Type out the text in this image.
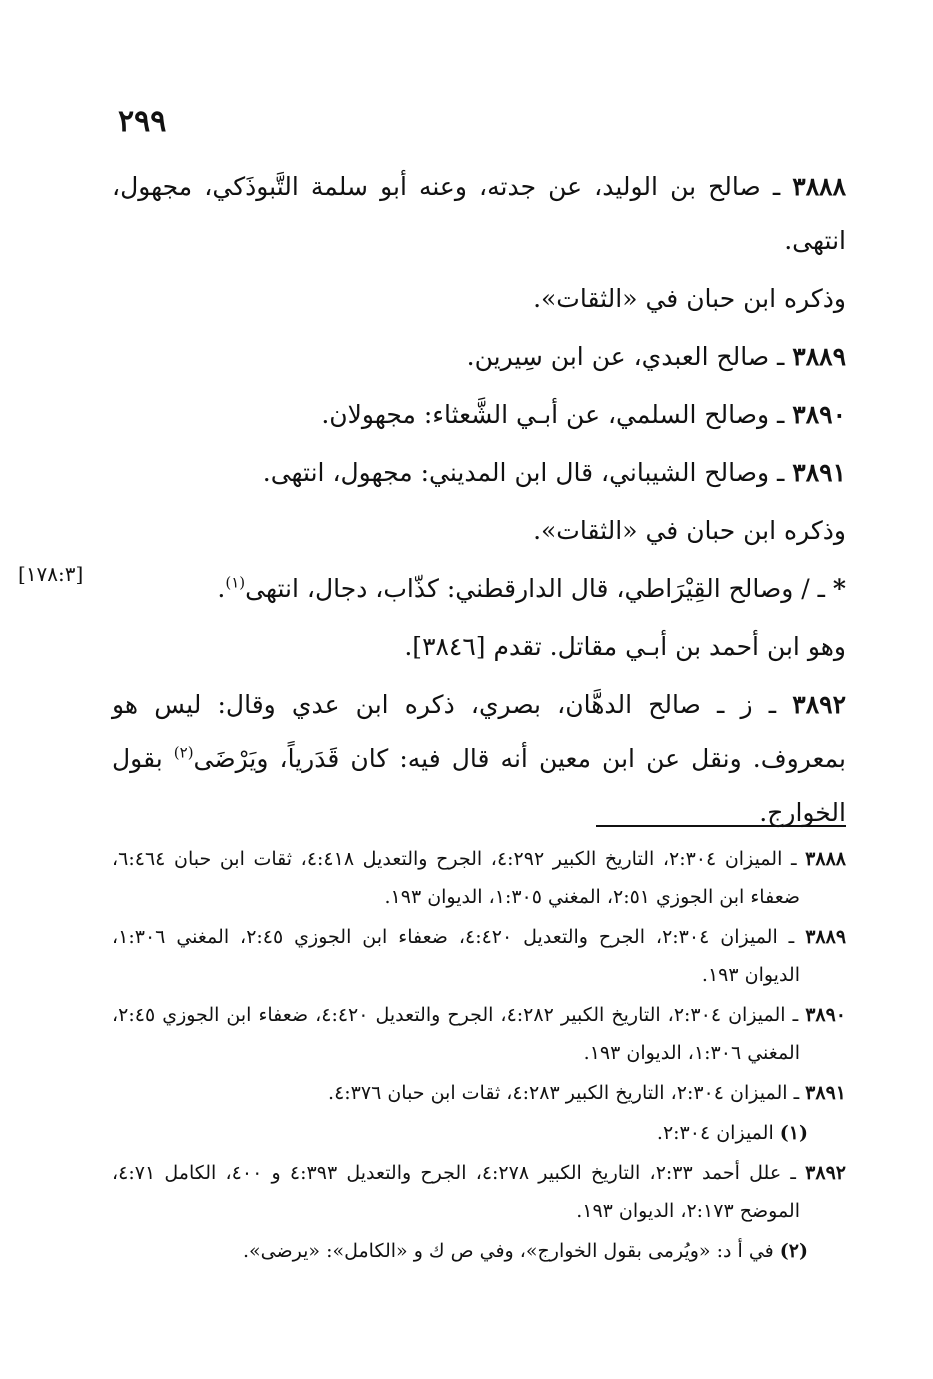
٢٩٩
[١٧٨:٣]

٣٨٨٨ ـ صالح بن الوليد، عن جدته، وعنه أبو سلمة التَّبوذَكي، مجهول، انتهى.

وذكره ابن حبان في «الثقات».

٣٨٨٩ ـ صالح العبدي، عن ابن سِيرين.

٣٨٩٠ ـ وصالح السلمي، عن أبـي الشَّعثاء: مجهولان.

٣٨٩١ ـ وصالح الشيباني، قال ابن المديني: مجهول، انتهى.

وذكره ابن حبان في «الثقات».

* ـ / وصالح القِيْرَاطي، قال الدارقطني: كذّاب، دجال، انتهى$^{(١)}$.

وهو ابن أحمد بن أبـي مقاتل. تقدم [٣٨٤٦].

٣٨٩٢ ـ ز ـ صالح الدهَّان، بصري، ذكره ابن عدي وقال: ليس هو بمعروف. ونقل عن ابن معين أنه قال فيه: كان قَدَرياً، ويَرْضَى$^{(٢)}$ بقول الخوارج.

٣٨٨٨ ـ الميزان ٢:٣٠٤، التاريخ الكبير ٤:٢٩٢، الجرح والتعديل ٤:٤١٨، ثقات ابن حبان ٦:٤٦٤، ضعفاء ابن الجوزي ٢:٥١، المغني ١:٣٠٥، الديوان ١٩٣.

٣٨٨٩ ـ الميزان ٢:٣٠٤، الجرح والتعديل ٤:٤٢٠، ضعفاء ابن الجوزي ٢:٤٥، المغني ١:٣٠٦، الديوان ١٩٣.

٣٨٩٠ ـ الميزان ٢:٣٠٤، التاريخ الكبير ٤:٢٨٢، الجرح والتعديل ٤:٤٢٠، ضعفاء ابن الجوزي ٢:٤٥، المغني ١:٣٠٦، الديوان ١٩٣.

٣٨٩١ ـ الميزان ٢:٣٠٤، التاريخ الكبير ٤:٢٨٣، ثقات ابن حبان ٤:٣٧٦.

(١) الميزان ٢:٣٠٤.

٣٨٩٢ ـ علل أحمد ٢:٣٣، التاريخ الكبير ٤:٢٧٨، الجرح والتعديل ٤:٣٩٣ و ٤٠٠، الكامل ٤:٧١، الموضح ٢:١٧٣، الديوان ١٩٣.

(٢) في أ د: «ويُرمى بقول الخوارج»، وفي ص ك و «الكامل»: «يرضى».
